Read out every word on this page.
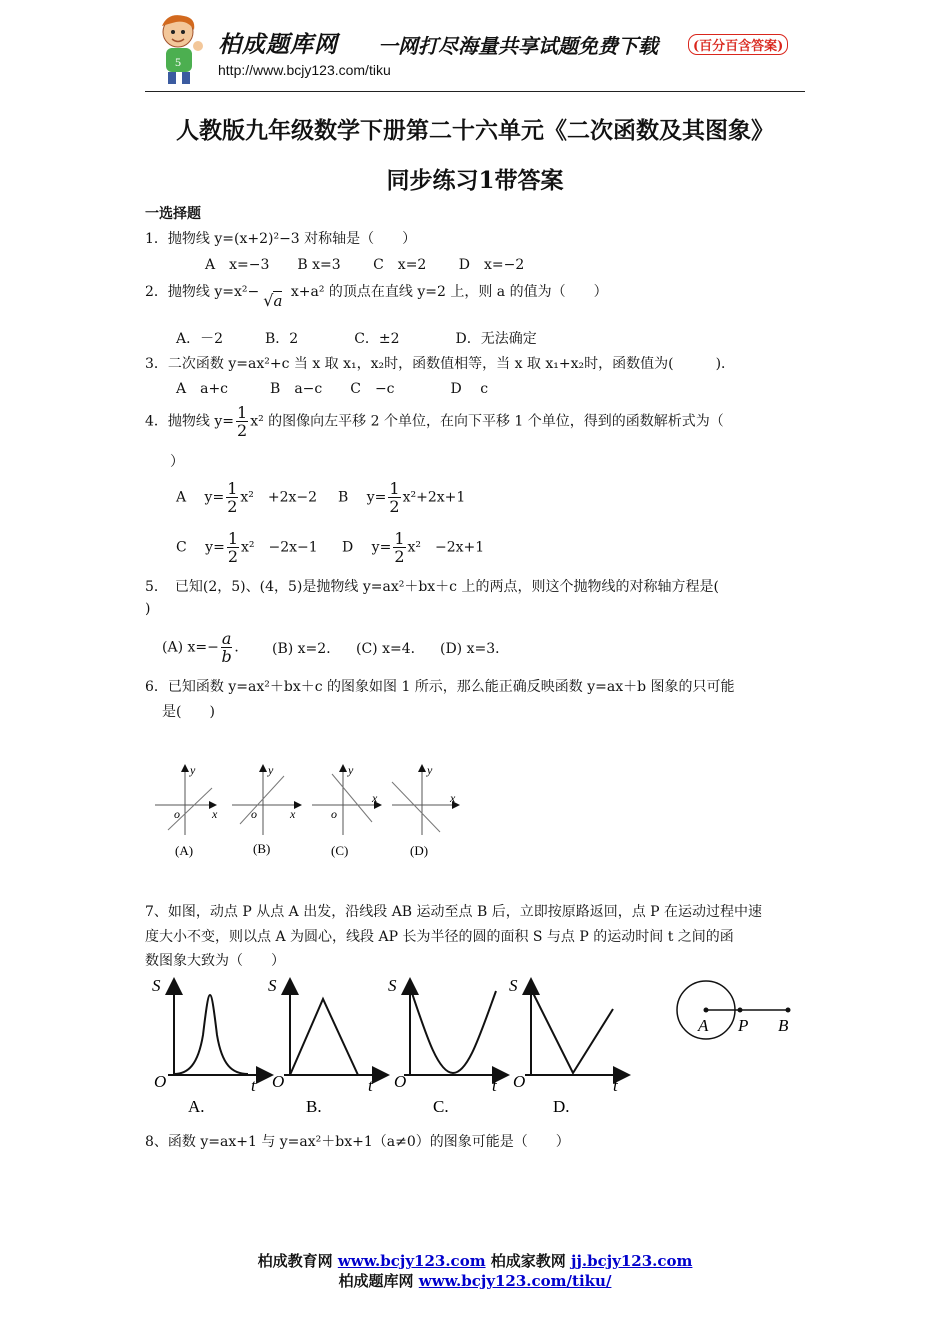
5
柏成题库网 一网打尽海量共享试题免费下载	(百分百含答案)
http://www.bcjy123.com/tiku
人教版九年级数学下册第二十六单元《二次函数及其图象》
同步练习1带答案
一选择题
1．抛物线 y=(x+2)²−3 对称轴是（　　）
A　x=−3　　B x=3　　 C　x=2　　 D　x=−2
2．抛物线 y=x²− √a x+a² 的顶点在直线 y=2 上，则 a 的值为（　　）
A．－2　　　B．2　　　　C．±2　　　　D．无法确定
3．二次函数 y=ax²+c 当 x 取 x₁，x₂时，函数值相等，当 x 取 x₁+x₂时，函数值为(　　　)．
A　a+c　　　B　a−c　　C　−c　　　　D　 c
4．抛物线 $y= \frac{1}{2} x^2$ 的图像向左平移 2 个单位，在向下平移 1 个单位，得到的函数解析式为（
）
A　 $y= \frac{1}{2} x^2$　+2x−2 B　 $y= \frac{1}{2} x^2+2x+1$
C　 $y= \frac{1}{2} x^2$　−2x−1 D　 $y= \frac{1}{2} x^2$　−2x+1
5．　已知(2，5)、(4，5)是抛物线 y=ax²＋bx＋c 上的两点，则这个抛物线的对称轴方程是(
)
(A) $x=- \frac{a}{b}$ ． (B) x=2． (C) x=4． (D) x=3．
6．已知函数 y=ax²＋bx＋c 的图象如图 1 所示，那么能正确反映函数 y=ax＋b 图象的只可能
是(　　)
y
x
o
(A)
y
x
o
(B)
y
x
o
(C)
y
x
(D)
7、如图，动点 P 从点 A 出发，沿线段 AB 运动至点 B 后，立即按原路返回，点 P 在运动过程中速
度大小不变，则以点 A 为圆心，线段 AP 长为半径的圆的面积 S 与点 P 的运动时间 t 之间的函
数图象大致为（　　）
S
O	t
S
O	t
S
O	t
S
O	t
A P B
A.	B.	C.	D.
8、函数 y=ax+1 与 y=ax²＋bx+1（a≠0）的图象可能是（　　）
柏成教育网 www.bcjy123.com 柏成家教网 jj.bcjy123.com
柏成题库网 www.bcjy123.com/tiku/
